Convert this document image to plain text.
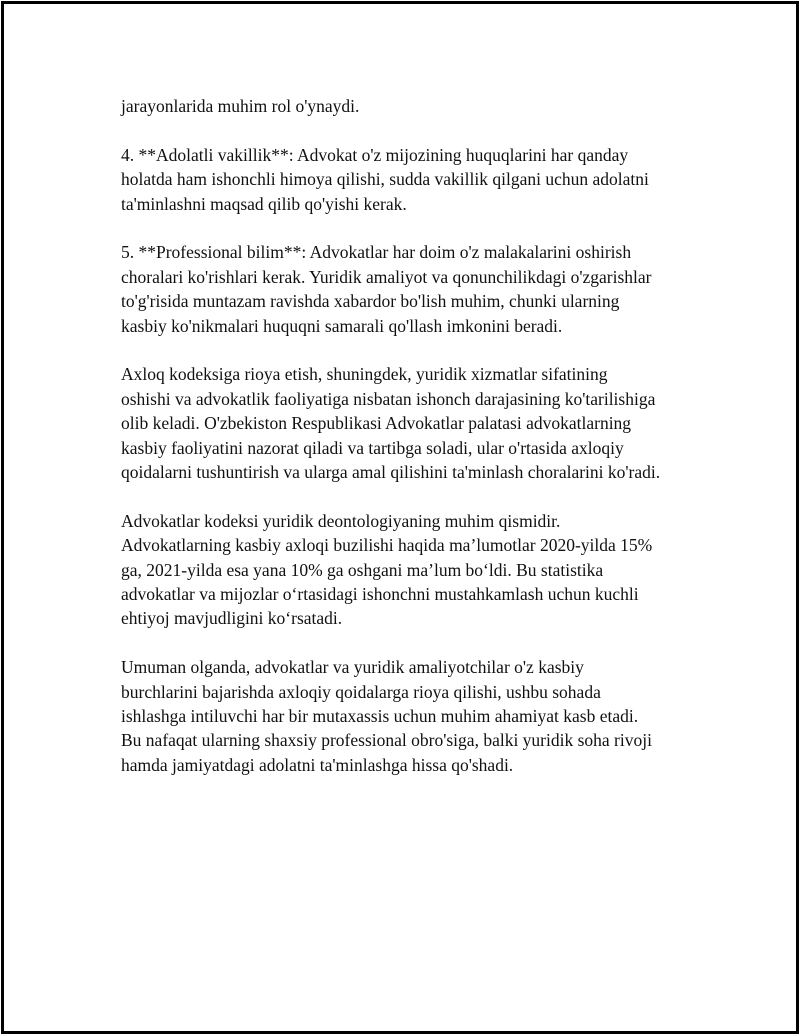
jarayonlarida muhim rol o'ynaydi.

4. **Adolatli vakillik**: Advokat o'z mijozining huquqlarini har qanday
holatda ham ishonchli himoya qilishi, sudda vakillik qilgani uchun adolatni
ta'minlashni maqsad qilib qo'yishi kerak.

5. **Professional bilim**: Advokatlar har doim o'z malakalarini oshirish
choralari ko'rishlari kerak. Yuridik amaliyot va qonunchilikdagi o'zgarishlar
to'g'risida muntazam ravishda xabardor bo'lish muhim, chunki ularning
kasbiy ko'nikmalari huquqni samarali qo'llash imkonini beradi.

Axloq kodeksiga rioya etish, shuningdek, yuridik xizmatlar sifatining
oshishi va advokatlik faoliyatiga nisbatan ishonch darajasining ko'tarilishiga
olib keladi. O'zbekiston Respublikasi Advokatlar palatasi advokatlarning
kasbiy faoliyatini nazorat qiladi va tartibga soladi, ular o'rtasida axloqiy
qoidalarni tushuntirish va ularga amal qilishini ta'minlash choralarini ko'radi.

Advokatlar kodeksi yuridik deontologiyaning muhim qismidir.
Advokatlarning kasbiy axloqi buzilishi haqida ma’lumotlar 2020-yilda 15%
ga, 2021-yilda esa yana 10% ga oshgani ma’lum bo‘ldi. Bu statistika
advokatlar va mijozlar o‘rtasidagi ishonchni mustahkamlash uchun kuchli
ehtiyoj mavjudligini ko‘rsatadi.

Umuman olganda, advokatlar va yuridik amaliyotchilar o'z kasbiy
burchlarini bajarishda axloqiy qoidalarga rioya qilishi, ushbu sohada
ishlashga intiluvchi har bir mutaxassis uchun muhim ahamiyat kasb etadi.
Bu nafaqat ularning shaxsiy professional obro'siga, balki yuridik soha rivoji
hamda jamiyatdagi adolatni ta'minlashga hissa qo'shadi.
